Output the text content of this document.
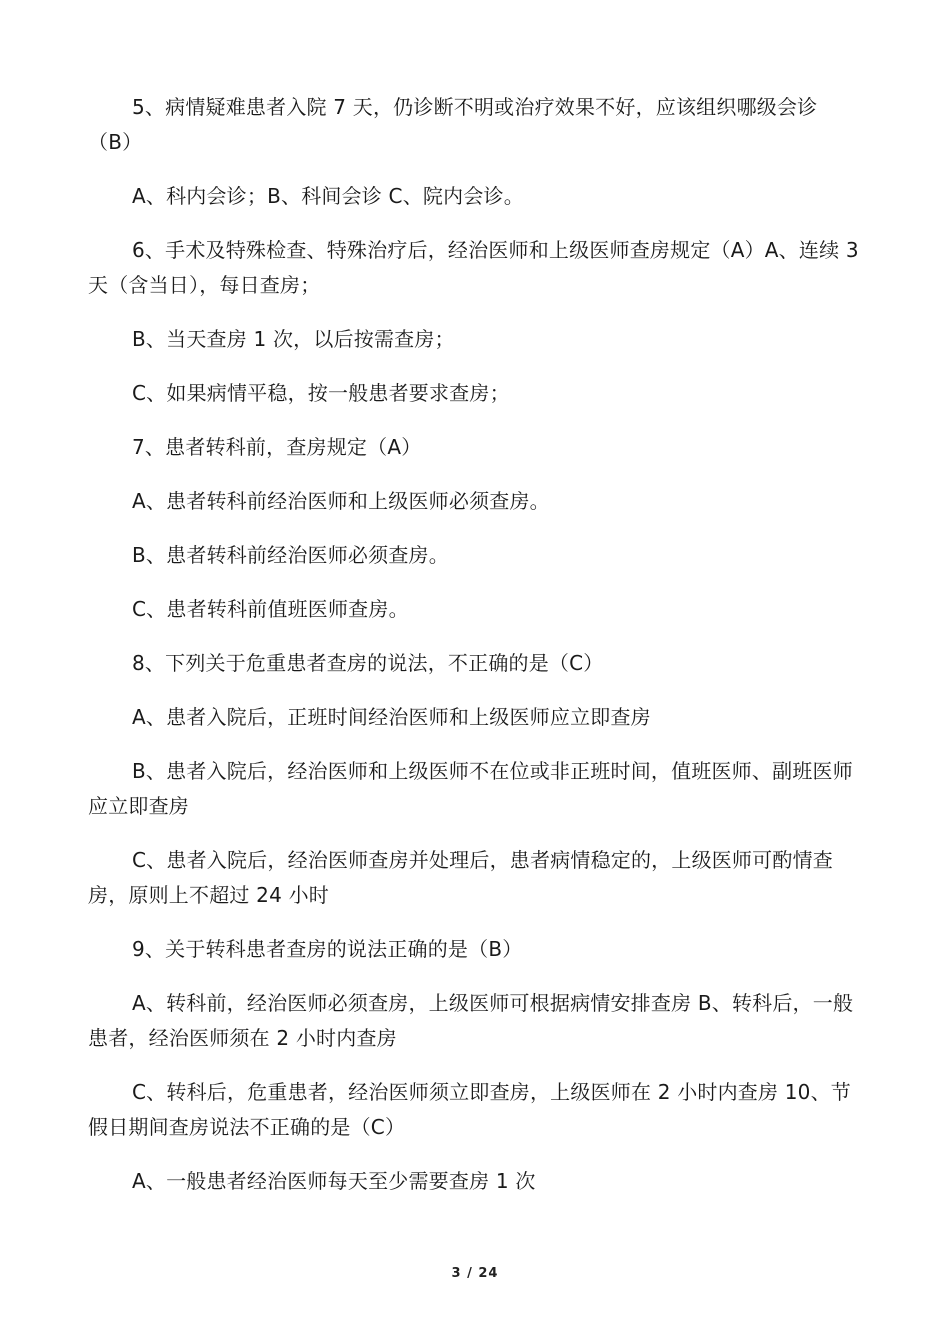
5、病情疑难患者入院 7 天，仍诊断不明或治疗效果不好，应该组织哪级会诊（B）

A、科内会诊；B、科间会诊 C、院内会诊。

6、手术及特殊检查、特殊治疗后，经治医师和上级医师查房规定（A）A、连续 3 天（含当日），每日查房；

B、当天查房 1 次，以后按需查房；

C、如果病情平稳，按一般患者要求查房；

7、患者转科前，查房规定（A）

A、患者转科前经治医师和上级医师必须查房。

B、患者转科前经治医师必须查房。

C、患者转科前值班医师查房。

8、下列关于危重患者查房的说法，不正确的是（C）

A、患者入院后，正班时间经治医师和上级医师应立即查房

B、患者入院后，经治医师和上级医师不在位或非正班时间，值班医师、副班医师应立即查房

C、患者入院后，经治医师查房并处理后，患者病情稳定的，上级医师可酌情查房，原则上不超过 24 小时

9、关于转科患者查房的说法正确的是（B）

A、转科前，经治医师必须查房，上级医师可根据病情安排查房 B、转科后，一般患者，经治医师须在 2 小时内查房

C、转科后，危重患者，经治医师须立即查房，上级医师在 2 小时内查房 10、节假日期间查房说法不正确的是（C）

A、一般患者经治医师每天至少需要查房 1 次

3 / 24
